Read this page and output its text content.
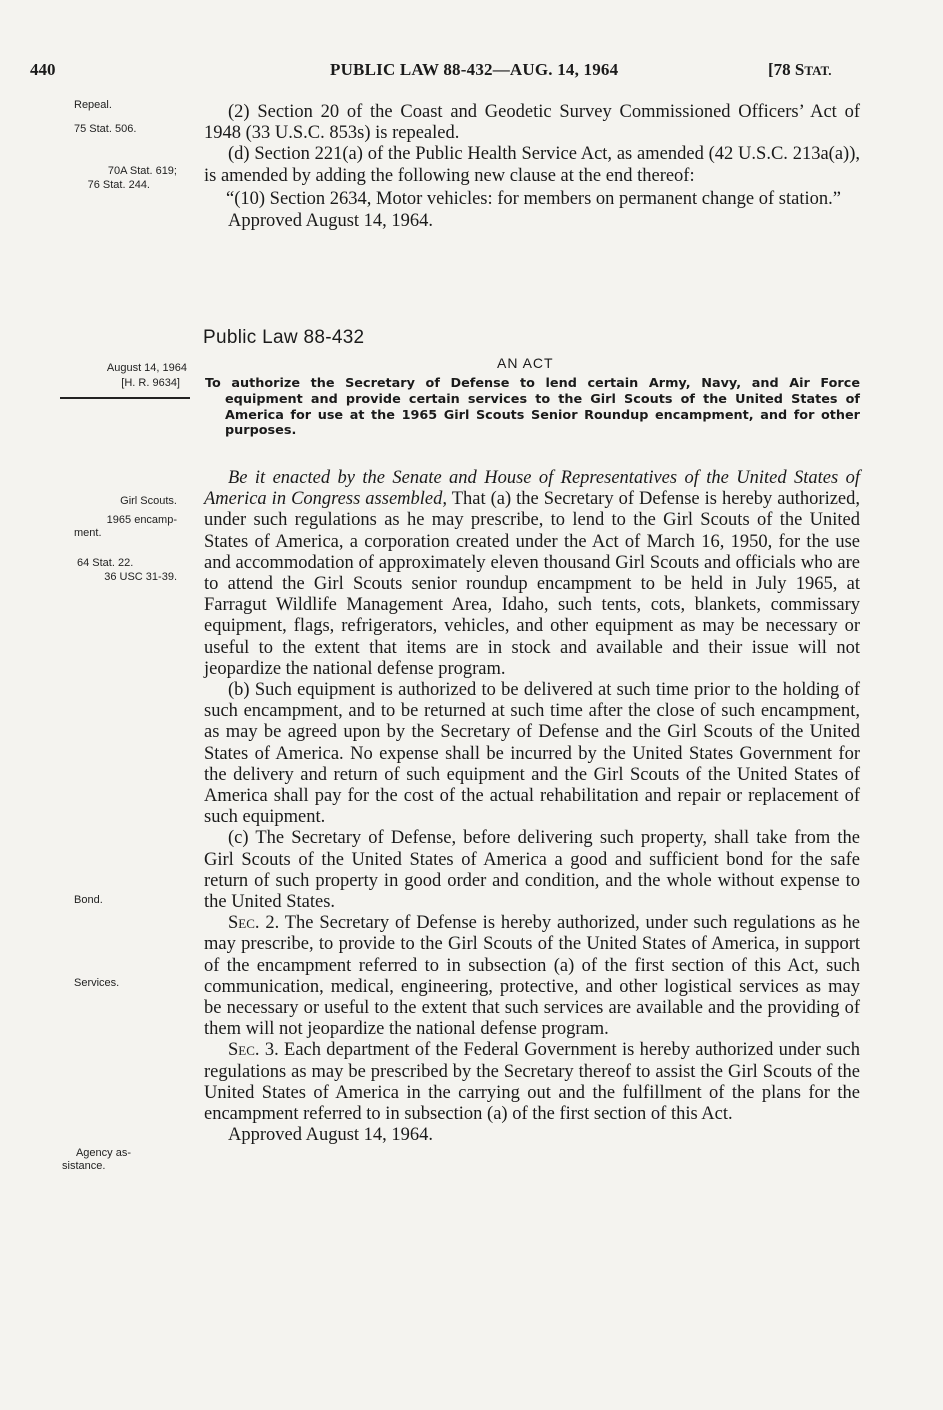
440	PUBLIC LAW 88-432—AUG. 14, 1964	[78 STAT.
Repeal.
75 Stat. 506.
70A Stat. 619;
76 Stat. 244.
August 14, 1964
[H. R. 9634]
Girl Scouts.
1965 encamp-
ment.
64 Stat. 22.
36 USC 31-39.
Bond.
Services.
Agency as-
sistance.

(2) Section 20 of the Coast and Geodetic Survey Commissioned Officers’ Act of 1948 (33 U.S.C. 853s) is repealed.

(d) Section 221(a) of the Public Health Service Act, as amended (42 U.S.C. 213a(a)), is amended by adding the following new clause at the end thereof:

“(10) Section 2634, Motor vehicles: for members on permanent change of station.”

Approved August 14, 1964.

Public Law 88-432
AN ACT
To authorize the Secretary of Defense to lend certain Army, Navy, and Air Force equipment and provide certain services to the Girl Scouts of the United States of America for use at the 1965 Girl Scouts Senior Roundup encampment, and for other purposes.

Be it enacted by the Senate and House of Representatives of the United States of America in Congress assembled, That (a) the Secretary of Defense is hereby authorized, under such regulations as he may prescribe, to lend to the Girl Scouts of the United States of America, a corporation created under the Act of March 16, 1950, for the use and accommodation of approximately eleven thousand Girl Scouts and officials who are to attend the Girl Scouts senior roundup encampment to be held in July 1965, at Farragut Wildlife Management Area, Idaho, such tents, cots, blankets, commissary equipment, flags, refrigerators, vehicles, and other equipment as may be necessary or useful to the extent that items are in stock and available and their issue will not jeopardize the national defense program.

(b) Such equipment is authorized to be delivered at such time prior to the holding of such encampment, and to be returned at such time after the close of such encampment, as may be agreed upon by the Secretary of Defense and the Girl Scouts of the United States of America. No expense shall be incurred by the United States Government for the delivery and return of such equipment and the Girl Scouts of the United States of America shall pay for the cost of the actual rehabilitation and repair or replacement of such equipment.

(c) The Secretary of Defense, before delivering such property, shall take from the Girl Scouts of the United States of America a good and sufficient bond for the safe return of such property in good order and condition, and the whole without expense to the United States.

Sec. 2. The Secretary of Defense is hereby authorized, under such regulations as he may prescribe, to provide to the Girl Scouts of the United States of America, in support of the encampment referred to in subsection (a) of the first section of this Act, such communication, medical, engineering, protective, and other logistical services as may be necessary or useful to the extent that such services are available and the providing of them will not jeopardize the national defense program.

Sec. 3. Each department of the Federal Government is hereby authorized under such regulations as may be prescribed by the Secretary thereof to assist the Girl Scouts of the United States of America in the carrying out and the fulfillment of the plans for the encampment referred to in subsection (a) of the first section of this Act.

Approved August 14, 1964.
